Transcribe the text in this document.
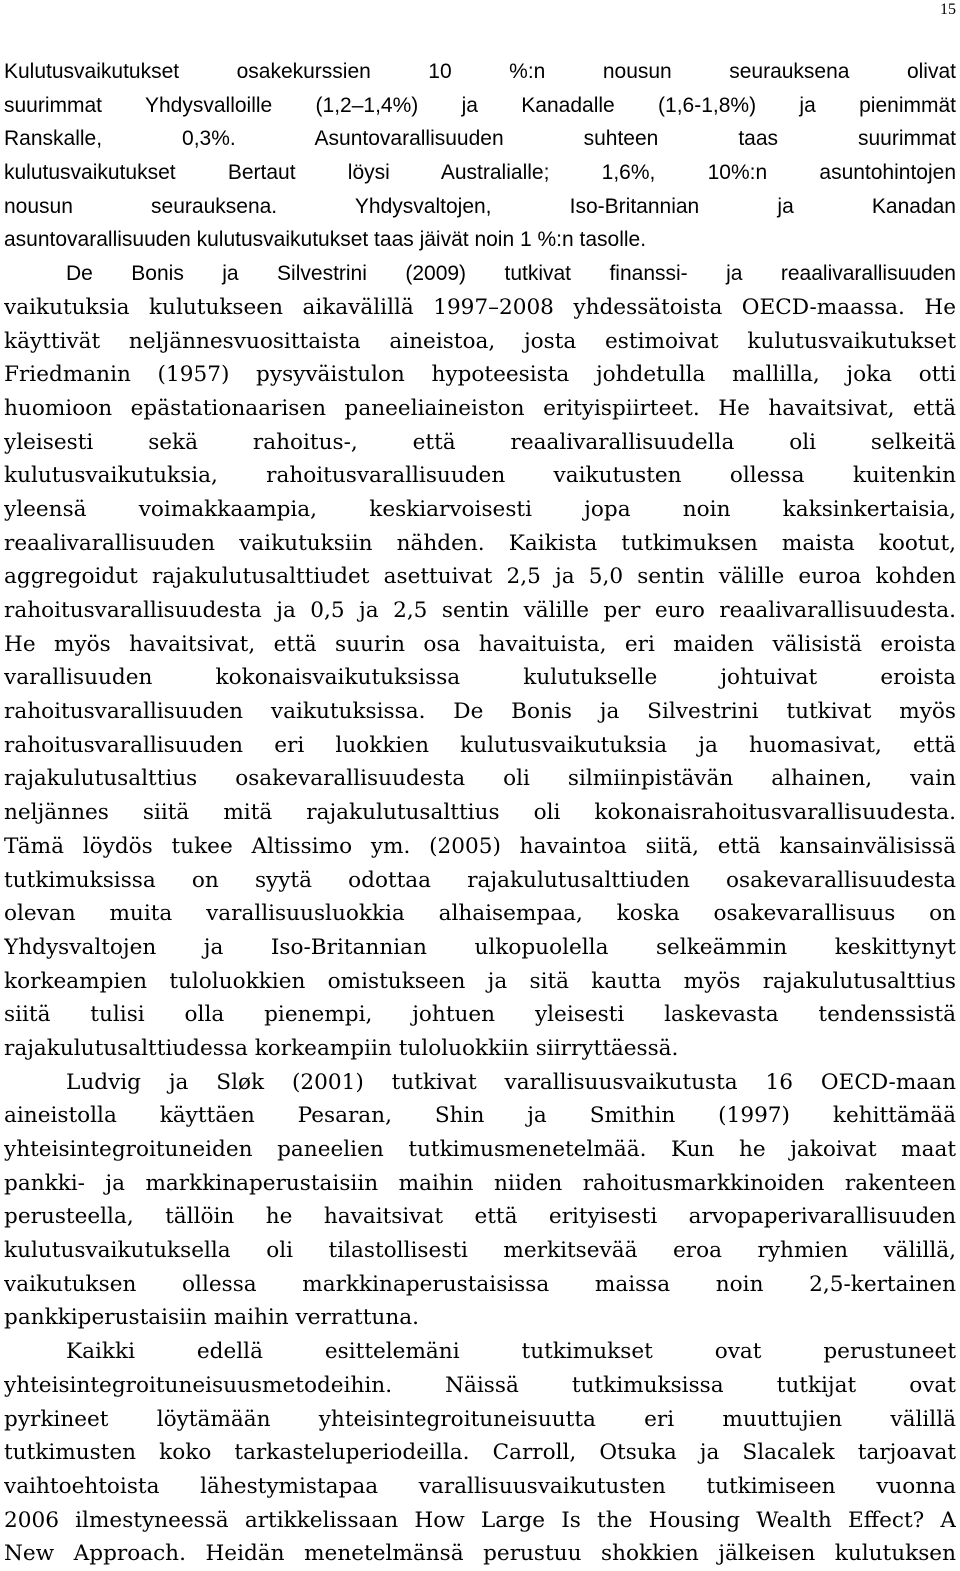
15
Kulutusvaikutukset osakekurssien 10 %:n nousun seurauksena olivat
suurimmat Yhdysvalloille (1,2–1,4%) ja Kanadalle (1,6-1,8%) ja pienimmät
Ranskalle, 0,3%. Asuntovarallisuuden suhteen taas suurimmat
kulutusvaikutukset Bertaut löysi Australialle; 1,6%, 10%:n asuntohintojen
nousun seurauksena. Yhdysvaltojen, Iso-Britannian ja Kanadan
asuntovarallisuuden kulutusvaikutukset taas jäivät noin 1 %:n tasolle.
De Bonis ja Silvestrini (2009) tutkivat finanssi- ja reaalivarallisuuden
vaikutuksia kulutukseen aikavälillä 1997–2008 yhdessätoista OECD-maassa. He
käyttivät neljännesvuosittaista aineistoa, josta estimoivat kulutusvaikutukset
Friedmanin (1957) pysyväistulon hypoteesista johdetulla mallilla, joka otti
huomioon epästationaarisen paneeliaineiston erityispiirteet. He havaitsivat, että
yleisesti sekä rahoitus-, että reaalivarallisuudella oli selkeitä
kulutusvaikutuksia, rahoitusvarallisuuden vaikutusten ollessa kuitenkin
yleensä voimakkaampia, keskiarvoisesti jopa noin kaksinkertaisia,
reaalivarallisuuden vaikutuksiin nähden. Kaikista tutkimuksen maista kootut,
aggregoidut rajakulutusalttiudet asettuivat 2,5 ja 5,0 sentin välille euroa kohden
rahoitusvarallisuudesta ja 0,5 ja 2,5 sentin välille per euro reaalivarallisuudesta.
He myös havaitsivat, että suurin osa havaituista, eri maiden välisistä eroista
varallisuuden kokonaisvaikutuksissa kulutukselle johtuivat eroista
rahoitusvarallisuuden vaikutuksissa. De Bonis ja Silvestrini tutkivat myös
rahoitusvarallisuuden eri luokkien kulutusvaikutuksia ja huomasivat, että
rajakulutusalttius osakevarallisuudesta oli silmiinpistävän alhainen, vain
neljännes siitä mitä rajakulutusalttius oli kokonaisrahoitusvarallisuudesta.
Tämä löydös tukee Altissimo ym. (2005) havaintoa siitä, että kansainvälisissä
tutkimuksissa on syytä odottaa rajakulutusalttiuden osakevarallisuudesta
olevan muita varallisuusluokkia alhaisempaa, koska osakevarallisuus on
Yhdysvaltojen ja Iso-Britannian ulkopuolella selkeämmin keskittynyt
korkeampien tuloluokkien omistukseen ja sitä kautta myös rajakulutusalttius
siitä tulisi olla pienempi, johtuen yleisesti laskevasta tendenssistä
rajakulutusalttiudessa korkeampiin tuloluokkiin siirryttäessä.
Ludvig ja Sløk (2001) tutkivat varallisuusvaikutusta 16 OECD-maan
aineistolla käyttäen Pesaran, Shin ja Smithin (1997) kehittämää
yhteisintegroituneiden paneelien tutkimusmenetelmää. Kun he jakoivat maat
pankki- ja markkinaperustaisiin maihin niiden rahoitusmarkkinoiden rakenteen
perusteella, tällöin he havaitsivat että erityisesti arvopaperivarallisuuden
kulutusvaikutuksella oli tilastollisesti merkitsevää eroa ryhmien välillä,
vaikutuksen ollessa markkinaperustaisissa maissa noin 2,5-kertainen
pankkiperustaisiin maihin verrattuna.
Kaikki edellä esittelemäni tutkimukset ovat perustuneet
yhteisintegroituneisuusmetodeihin. Näissä tutkimuksissa tutkijat ovat
pyrkineet löytämään yhteisintegroituneisuutta eri muuttujien välillä
tutkimusten koko tarkasteluperiodeilla. Carroll, Otsuka ja Slacalek tarjoavat
vaihtoehtoista lähestymistapaa varallisuusvaikutusten tutkimiseen vuonna
2006 ilmestyneessä artikkelissaan How Large Is the Housing Wealth Effect? A
New Approach. Heidän menetelmänsä perustuu shokkien jälkeisen kulutuksen
